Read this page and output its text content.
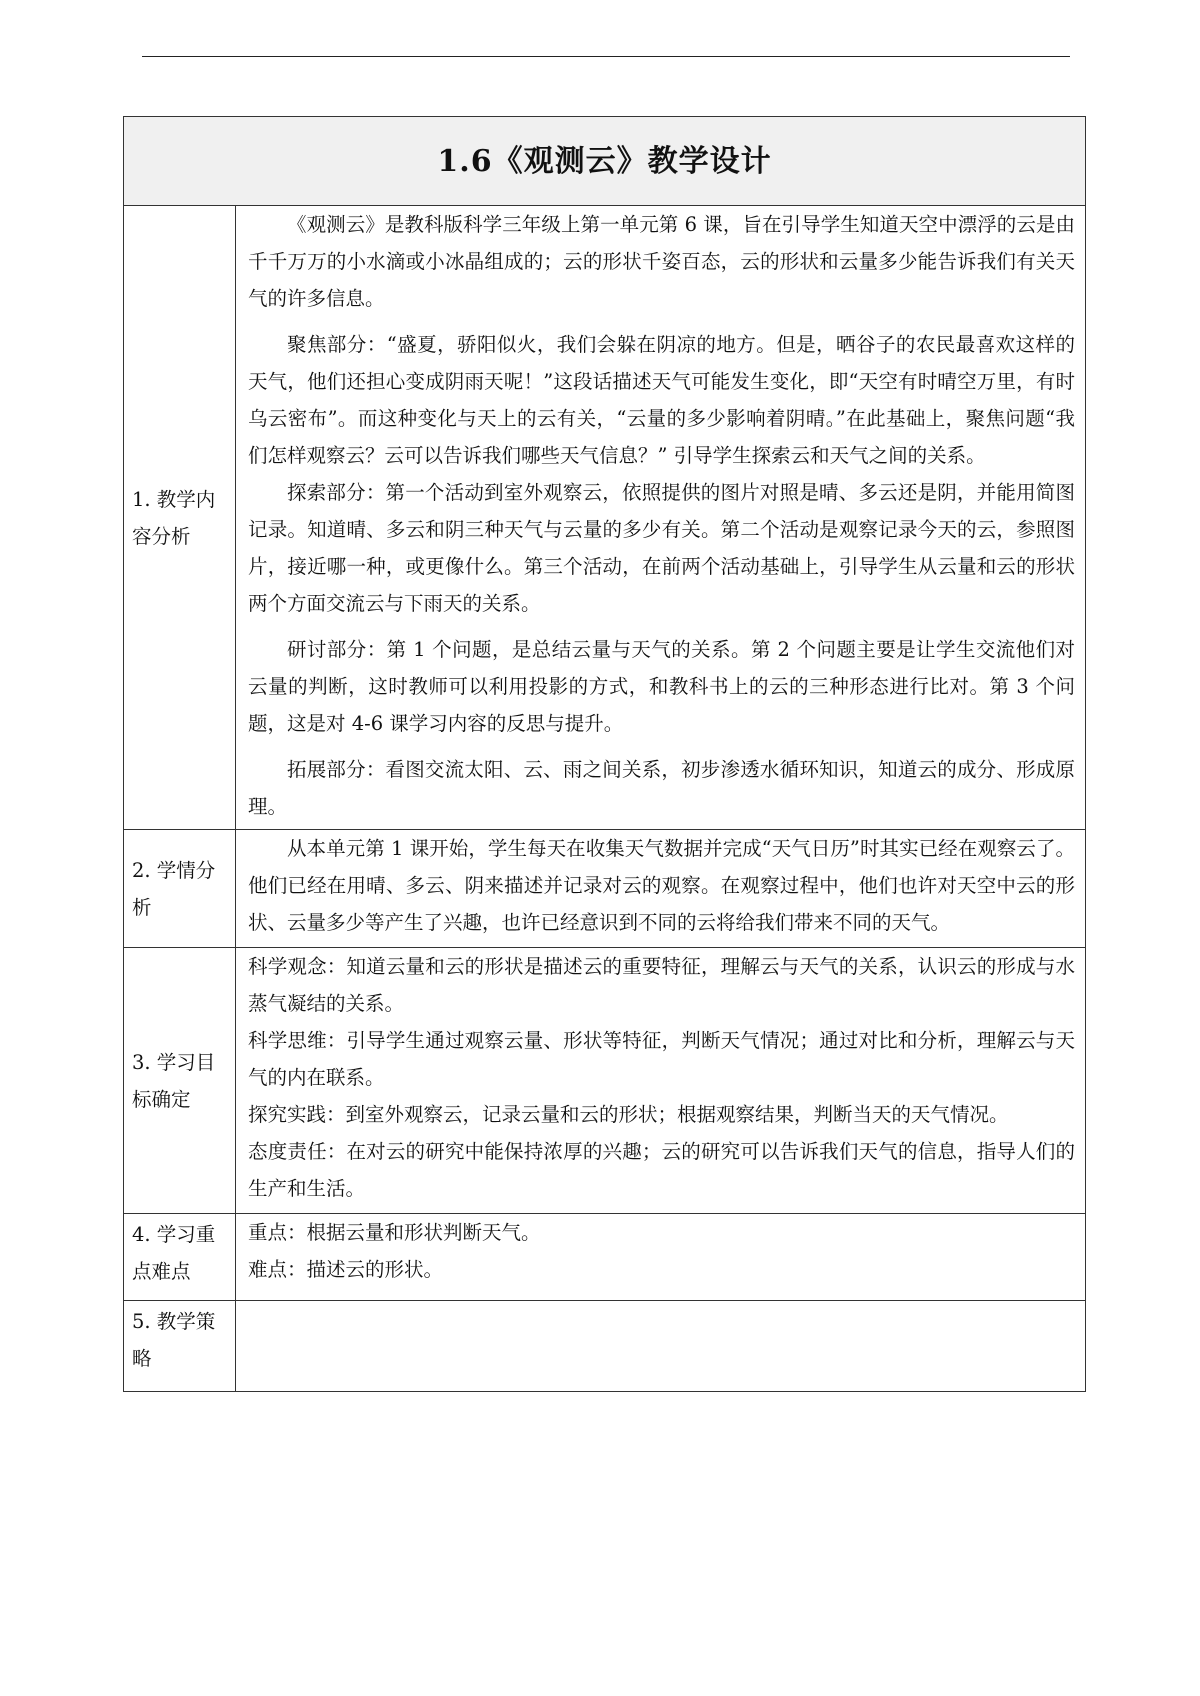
1.6《观测云》教学设计	
1. 教学内容分析	《观测云》是教科版科学三年级上第一单元第 6 课，旨在引导学生知道天空中漂浮的云是由千千万万的小水滴或小冰晶组成的；云的形状千姿百态，云的形状和云量多少能告诉我们有关天气的许多信息。

聚焦部分：“盛夏，骄阳似火，我们会躲在阴凉的地方。但是，晒谷子的农民最喜欢这样的天气，他们还担心变成阴雨天呢！”这段话描述天气可能发生变化，即“天空有时晴空万里，有时乌云密布”。而这种变化与天上的云有关，“云量的多少影响着阴晴。”在此基础上，聚焦问题“我们怎样观察云？云可以告诉我们哪些天气信息？” 引导学生探索云和天气之间的关系。

探索部分：第一个活动到室外观察云，依照提供的图片对照是晴、多云还是阴，并能用简图记录。知道晴、多云和阴三种天气与云量的多少有关。第二个活动是观察记录今天的云，参照图片，接近哪一种，或更像什么。第三个活动，在前两个活动基础上，引导学生从云量和云的形状两个方面交流云与下雨天的关系。

研讨部分：第 1 个问题，是总结云量与天气的关系。第 2 个问题主要是让学生交流他们对云量的判断，这时教师可以利用投影的方式，和教科书上的云的三种形态进行比对。第 3 个问题，这是对 4-6 课学习内容的反思与提升。

拓展部分：看图交流太阳、云、雨之间关系，初步渗透水循环知识，知道云的成分、形成原理。

2. 学情分析	从本单元第 1 课开始，学生每天在收集天气数据并完成“天气日历”时其实已经在观察云了。他们已经在用晴、多云、阴来描述并记录对云的观察。在观察过程中，他们也许对天空中云的形状、云量多少等产生了兴趣，也许已经意识到不同的云将给我们带来不同的天气。

3. 学习目标确定	科学观念：知道云量和云的形状是描述云的重要特征，理解云与天气的关系，认识云的形成与水蒸气凝结的关系。

科学思维：引导学生通过观察云量、形状等特征，判断天气情况；通过对比和分析，理解云与天气的内在联系。

探究实践：到室外观察云，记录云量和云的形状；根据观察结果，判断当天的天气情况。

态度责任：在对云的研究中能保持浓厚的兴趣；云的研究可以告诉我们天气的信息，指导人们的生产和生活。

4. 学习重点难点	重点：根据云量和形状判断天气。

难点：描述云的形状。

5. 教学策略	
